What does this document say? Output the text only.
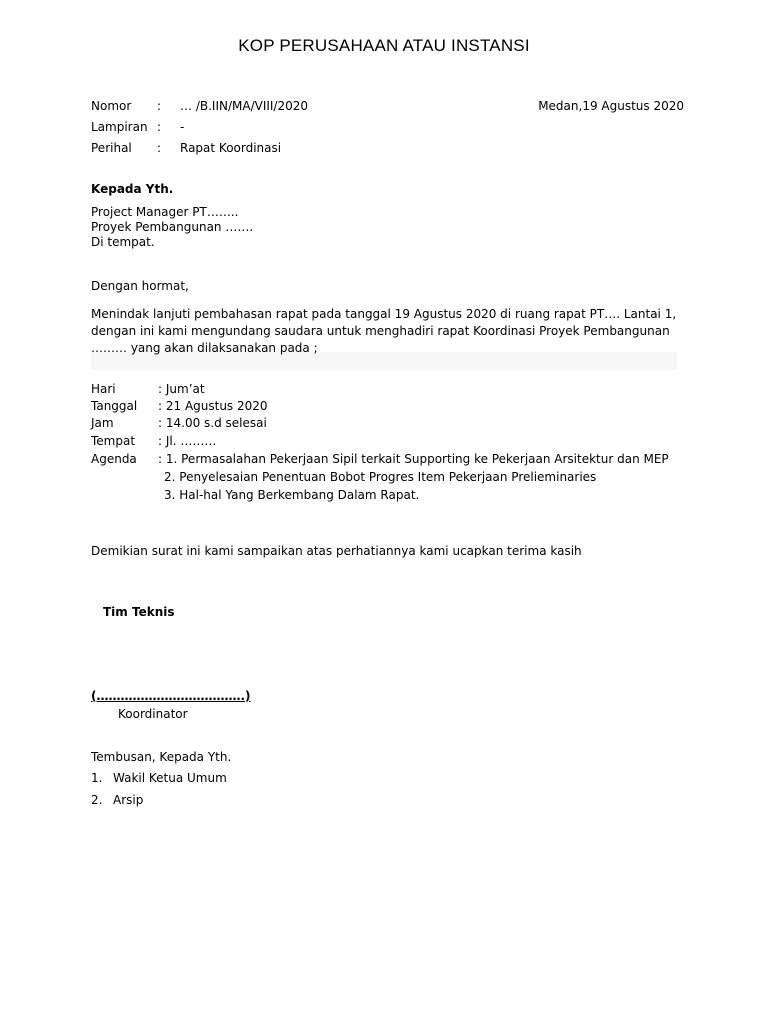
KOP PERUSAHAAN ATAU INSTANSI
Nomor : … /B.IIN/MA/VIII/2020
Lampiran : -
Perihal : Rapat Koordinasi
Medan,19 Agustus 2020
Kepada Yth.
Project Manager PT……..
Proyek Pembangunan …….
Di tempat.
Dengan hormat,
Menindak lanjuti pembahasan rapat pada tanggal 19 Agustus 2020 di ruang rapat PT…. Lantai 1, dengan ini kami mengundang saudara untuk menghadiri rapat Koordinasi Proyek Pembangunan ……… yang akan dilaksanakan pada ;
Hari	: Jum’at
Tanggal : 21 Agustus 2020
Jam	: 14.00 s.d selesai
Tempat : Jl. ………
Agenda : 1. Permasalahan Pekerjaan Sipil terkait Supporting ke Pekerjaan Arsitektur dan MEP
2. Penyelesaian Penentuan Bobot Progres Item Pekerjaan Prelieminaries
3. Hal-hal Yang Berkembang Dalam Rapat.
Demikian surat ini kami sampaikan atas perhatiannya kami ucapkan terima kasih
Tim Teknis
(……………………………….)
Koordinator
Tembusan, Kepada Yth.
1. Wakil Ketua Umum
2. Arsip
